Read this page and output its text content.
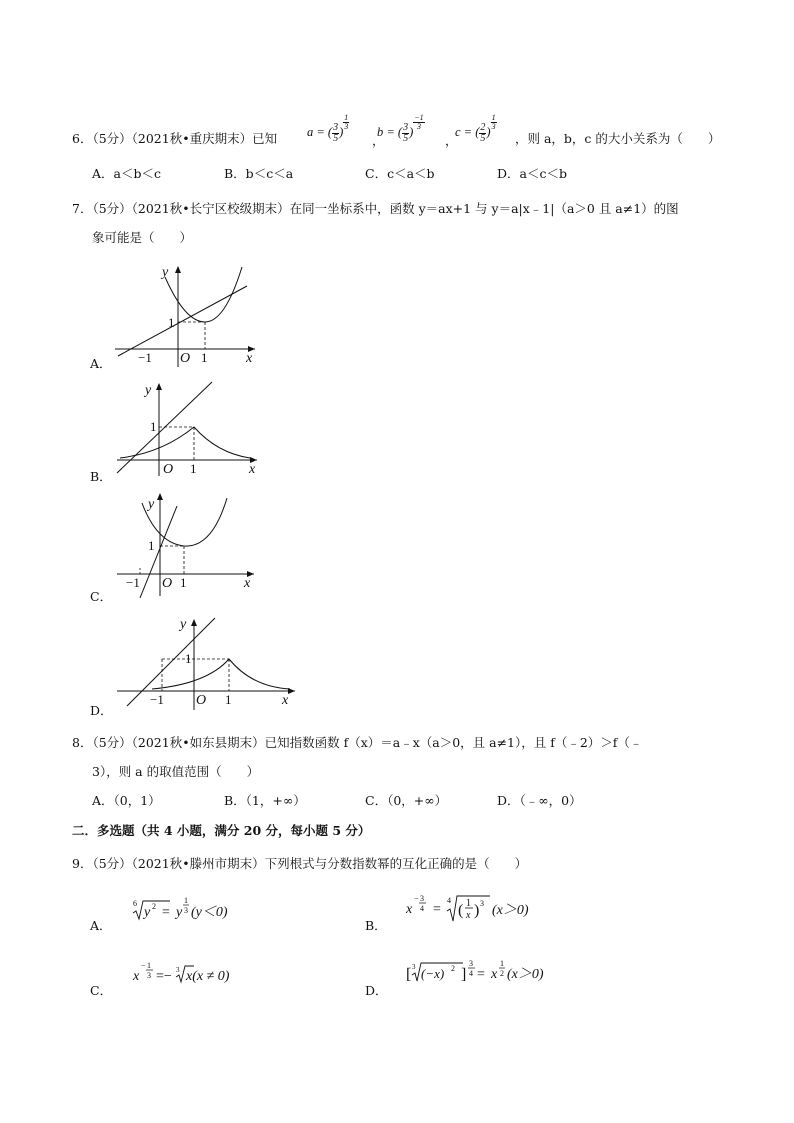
6．（5分）（2021秋•重庆期末）已知 a = ( $\frac{3}{5}$ )
$\frac{1}{3}$
，
b = ( $\frac{3}{5}$ )
$\frac{-1}{3}$
，
c = ( $\frac{2}{5}$ )
$\frac{1}{3}$
，则 a，b，c 的大小关系为（　　）
A．a＜b＜c	B．b＜c＜a	C．c＜a＜b	D．a＜c＜b
7．（5分）（2021秋•长宁区校级期末）在同一坐标系中，函数 y＝ax+1 与 y＝a|x﹣1|（a＞0 且 a≠1）的图
象可能是（　　）
A．
1
−1 O 1	x
y
B．
1
O 1	x
y
C．
1
−1 O 1	x
y
D．
1
−1 O 1	x
y
8．（5分）（2021秋•如东县期末）已知指数函数 f（x）＝a﹣x（a＞0，且 a≠1），且 f（﹣2）＞f（﹣
3），则 a 的取值范围（　　）
A．（0，1）	B．（1，+∞）	C．（0，+∞）	D．（﹣∞，0）
二．多选题（共 4 小题，满分 20 分，每小题 5 分）
9．（5分）（2021秋•滕州市期末）下列根式与分数指数幂的互化正确的是（　　）
A．
6
y 2 = y
1
3 (y＜0)
B．
x
− 3
4 =
4
( 1
x ) 3 (x＞0)
C．
x
− 1
3 =− 3 x(x ≠ 0)
D．
[ 3 (−x) 2 ]
3
4 = x
1
2 (x＞0)
